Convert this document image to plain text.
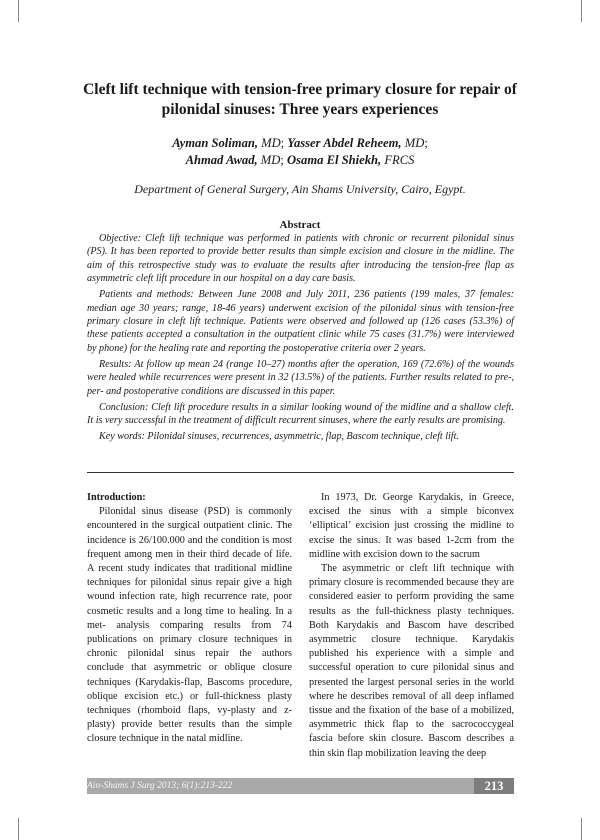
Cleft lift technique with tension-free primary closure for repair of
pilonidal sinuses: Three years experiences
Ayman Soliman, MD; Yasser Abdel Reheem, MD;
Ahmad Awad, MD; Osama El Shiekh, FRCS
Department of General Surgery, Ain Shams University, Cairo, Egypt.
Abstract

Objective: Cleft lift technique was performed in patients with chronic or recurrent pilonidal sinus (PS). It has been reported to provide better results than simple excision and closure in the midline. The aim of this retrospective study was to evaluate the results after introducing the tension-free flap as asymmetric cleft lift procedure in our hospital on a day care basis.

Patients and methods: Between June 2008 and July 2011, 236 patients (199 males, 37 females: median age 30 years; range, 18-46 years) underwent excision of the pilonidal sinus with tension-free primary closure in cleft lift technique. Patients were observed and followed up (126 cases (53.3%) of these patients accepted a consultation in the outpatient clinic while 75 cases (31.7%) were interviewed by phone) for the healing rate and reporting the postoperative criteria over 2 years.

Results: At follow up mean 24 (range 10–27) months after the operation, 169 (72.6%) of the wounds were healed while recurrences were present in 32 (13.5%) of the patients. Further results related to pre-, per- and postoperative conditions are discussed in this paper.

Conclusion: Cleft lift procedure results in a similar looking wound of the midline and a shallow cleft. It is very successful in the treatment of difficult recurrent sinuses, where the early results are promising.

Key words: Pilonidal sinuses, recurrences, asymmetric, flap, Bascom technique, cleft lift.

Introduction:

Pilonidal sinus disease (PSD) is commonly encountered in the surgical outpatient clinic. The incidence is 26/100.000 and the condition is most frequent among men in their third decade of life. A recent study indicates that traditional midline techniques for pilonidal sinus repair give a high wound infection rate, high recurrence rate, poor cosmetic results and a long time to healing. In a met- analysis comparing results from 74 publications on primary closure techniques in chronic pilonidal sinus repair the authors conclude that asymmetric or oblique closure techniques (Karydakis-flap, Bascoms procedure, oblique excision etc.) or full-thickness plasty techniques (rhomboid flaps, vy-plasty and z-plasty) provide better results than the simple closure technique in the natal midline.

In 1973, Dr. George Karydakis, in Greece, excised the sinus with a simple biconvex ‘elliptical’ excision just crossing the midline to excise the sinus. It was based 1-2cm from the midline with excision down to the sacrum

The asymmetric or cleft lift technique with primary closure is recommended because they are considered easier to perform providing the same results as the full-thickness plasty techniques. Both Karydakis and Bascom have described asymmetric closure technique. Karydakis published his experience with a simple and successful operation to cure pilonidal sinus and presented the largest personal series in the world where he describes removal of all deep inflamed tissue and the fixation of the base of a mobilized, asymmetric thick flap to the sacrococcygeal fascia before skin closure. Bascom describes a thin skin flap mobilization leaving the deep

Ain-Shams J Surg 2013; 6(1):213-222	213
